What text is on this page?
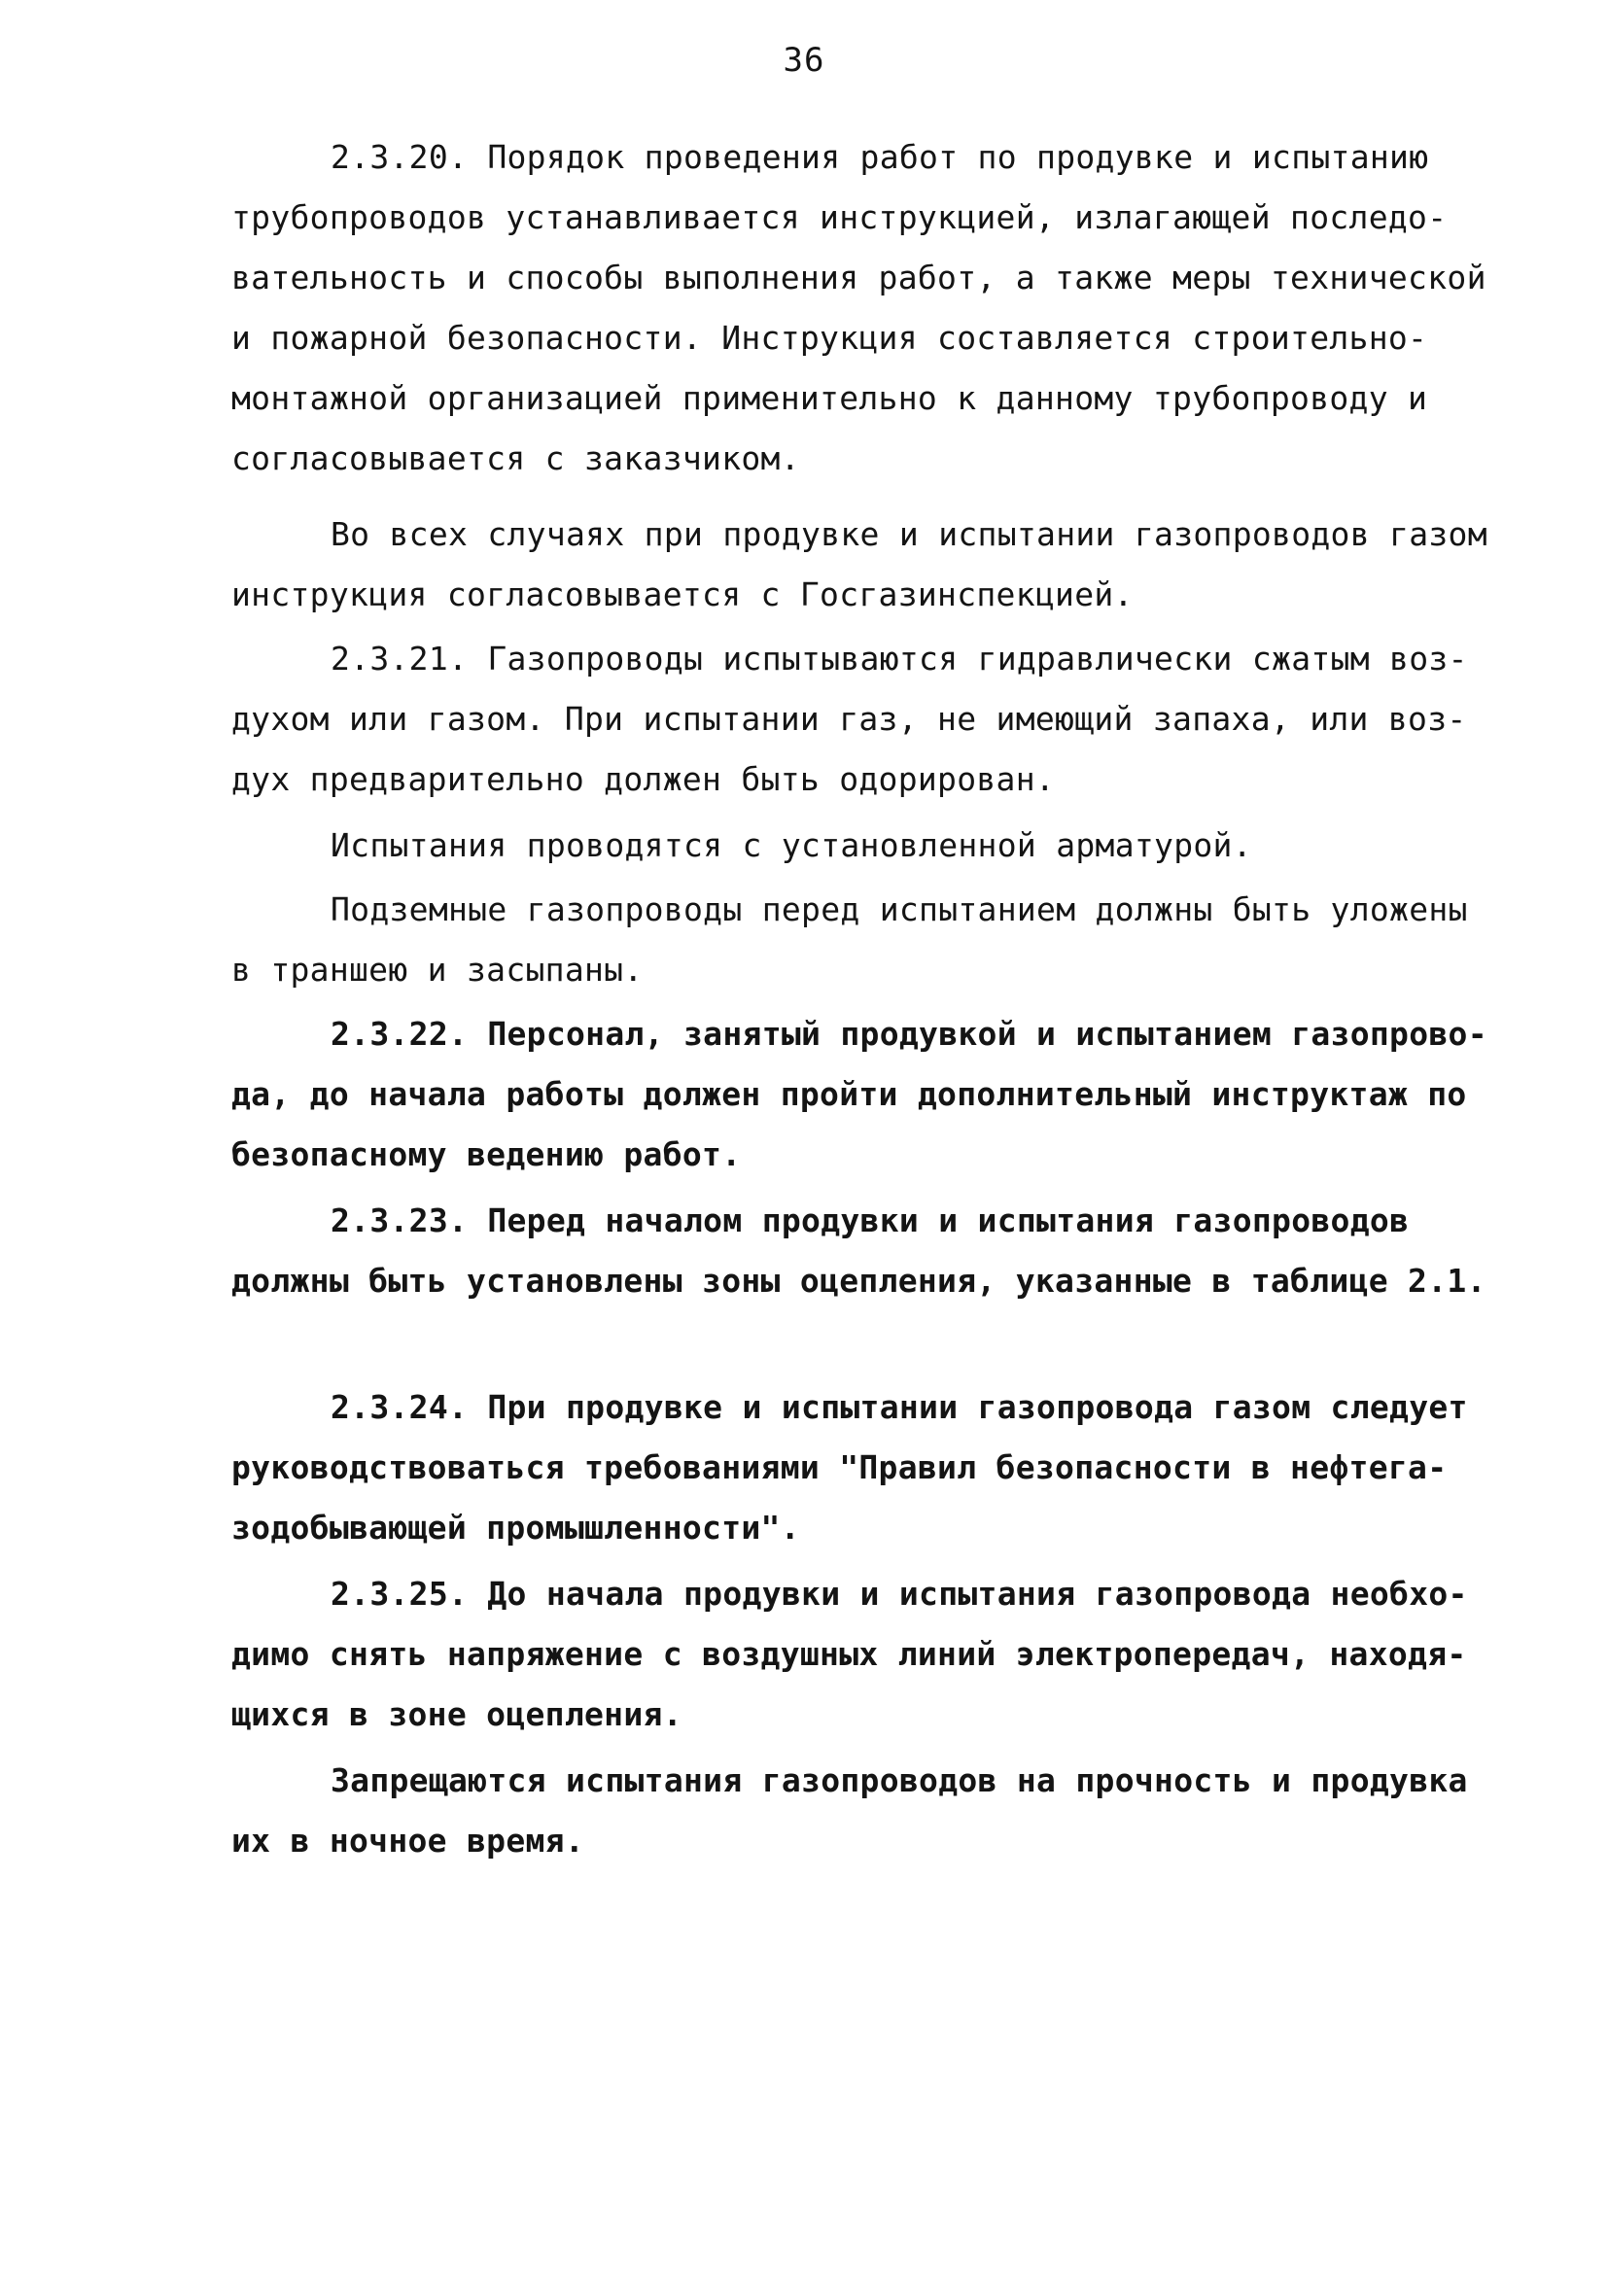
36
2.3.20. Порядок проведения работ по продувке и испытанию
трубопроводов устанавливается инструкцией, излагающей последо-
вательность и способы выполнения работ, а также меры технической
и пожарной безопасности. Инструкция составляется строительно-
монтажной организацией применительно к данному трубопроводу и
согласовывается с заказчиком.
Во всех случаях при продувке и испытании газопроводов газом
инструкция согласовывается с Госгазинспекцией.
2.3.21. Газопроводы испытываются гидравлически сжатым воз-
духом или газом. При испытании газ, не имеющий запаха, или воз-
дух предварительно должен быть одорирован.
Испытания проводятся с установленной арматурой.
Подземные газопроводы перед испытанием должны быть уложены
в траншею и засыпаны.
2.3.22. Персонал, занятый продувкой и испытанием газопрово-
да, до начала работы должен пройти дополнительный инструктаж по
безопасному ведению работ.
2.3.23. Перед началом продувки и испытания газопроводов
должны быть установлены зоны оцепления, указанные в таблице 2.1.
2.3.24. При продувке и испытании газопровода газом следует
руководствоваться требованиями "Правил безопасности в нефтега-
зодобывающей промышленности".
2.3.25. До начала продувки и испытания газопровода необхо-
димо снять напряжение с воздушных линий электропередач, находя-
щихся в зоне оцепления.
Запрещаются испытания газопроводов на прочность и продувка
их в ночное время.
